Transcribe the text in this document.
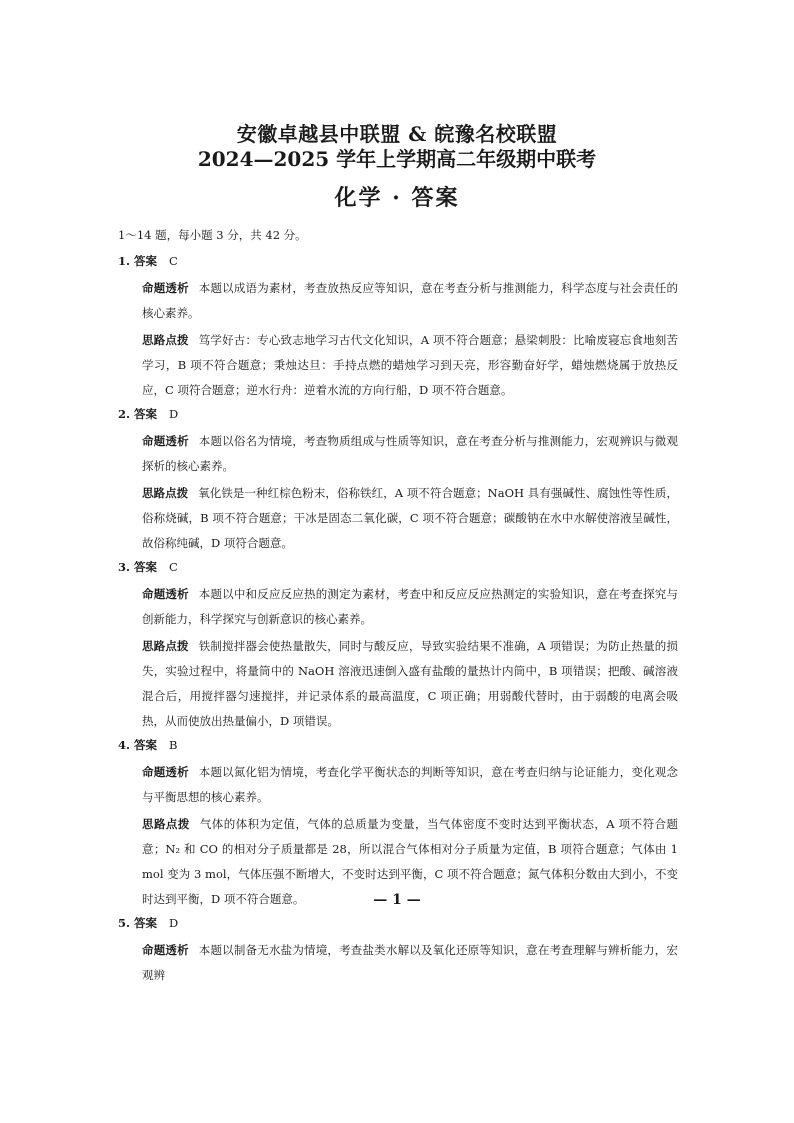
安徽卓越县中联盟 & 皖豫名校联盟
2024—2025 学年上学期高二年级期中联考
化学 · 答案
1～14 题，每小题 3 分，共 42 分。
1. 答案 C
命题透析 本题以成语为素材，考查放热反应等知识，意在考查分析与推测能力，科学态度与社会责任的核心素养。
思路点拨 笃学好古：专心致志地学习古代文化知识，A 项不符合题意；悬梁刺股：比喻废寝忘食地刻苦学习，B 项不符合题意；秉烛达旦：手持点燃的蜡烛学习到天亮，形容勤奋好学，蜡烛燃烧属于放热反应，C 项符合题意；逆水行舟：逆着水流的方向行船，D 项不符合题意。
2. 答案 D
命题透析 本题以俗名为情境，考查物质组成与性质等知识，意在考查分析与推测能力，宏观辨识与微观探析的核心素养。
思路点拨 氧化铁是一种红棕色粉末，俗称铁红，A 项不符合题意；NaOH 具有强碱性、腐蚀性等性质，俗称烧碱，B 项不符合题意；干冰是固态二氧化碳，C 项不符合题意；碳酸钠在水中水解使溶液呈碱性，故俗称纯碱，D 项符合题意。
3. 答案 C
命题透析 本题以中和反应反应热的测定为素材，考查中和反应反应热测定的实验知识，意在考查探究与创新能力，科学探究与创新意识的核心素养。
思路点拨 铁制搅拌器会使热量散失，同时与酸反应，导致实验结果不准确，A 项错误；为防止热量的损失，实验过程中，将量筒中的 NaOH 溶液迅速倒入盛有盐酸的量热计内筒中，B 项错误；把酸、碱溶液混合后，用搅拌器匀速搅拌，并记录体系的最高温度，C 项正确；用弱酸代替时，由于弱酸的电离会吸热，从而使放出热量偏小，D 项错误。
4. 答案 B
命题透析 本题以氮化铝为情境，考查化学平衡状态的判断等知识，意在考查归纳与论证能力，变化观念与平衡思想的核心素养。
思路点拨 气体的体积为定值，气体的总质量为变量，当气体密度不变时达到平衡状态，A 项不符合题意；N₂ 和 CO 的相对分子质量都是 28，所以混合气体相对分子质量为定值，B 项符合题意；气体由 1 mol 变为 3 mol，气体压强不断增大，不变时达到平衡，C 项不符合题意；氮气体积分数由大到小，不变时达到平衡，D 项不符合题意。
5. 答案 D
命题透析 本题以制备无水盐为情境，考查盐类水解以及氧化还原等知识，意在考查理解与辨析能力，宏观辨
— 1 —
